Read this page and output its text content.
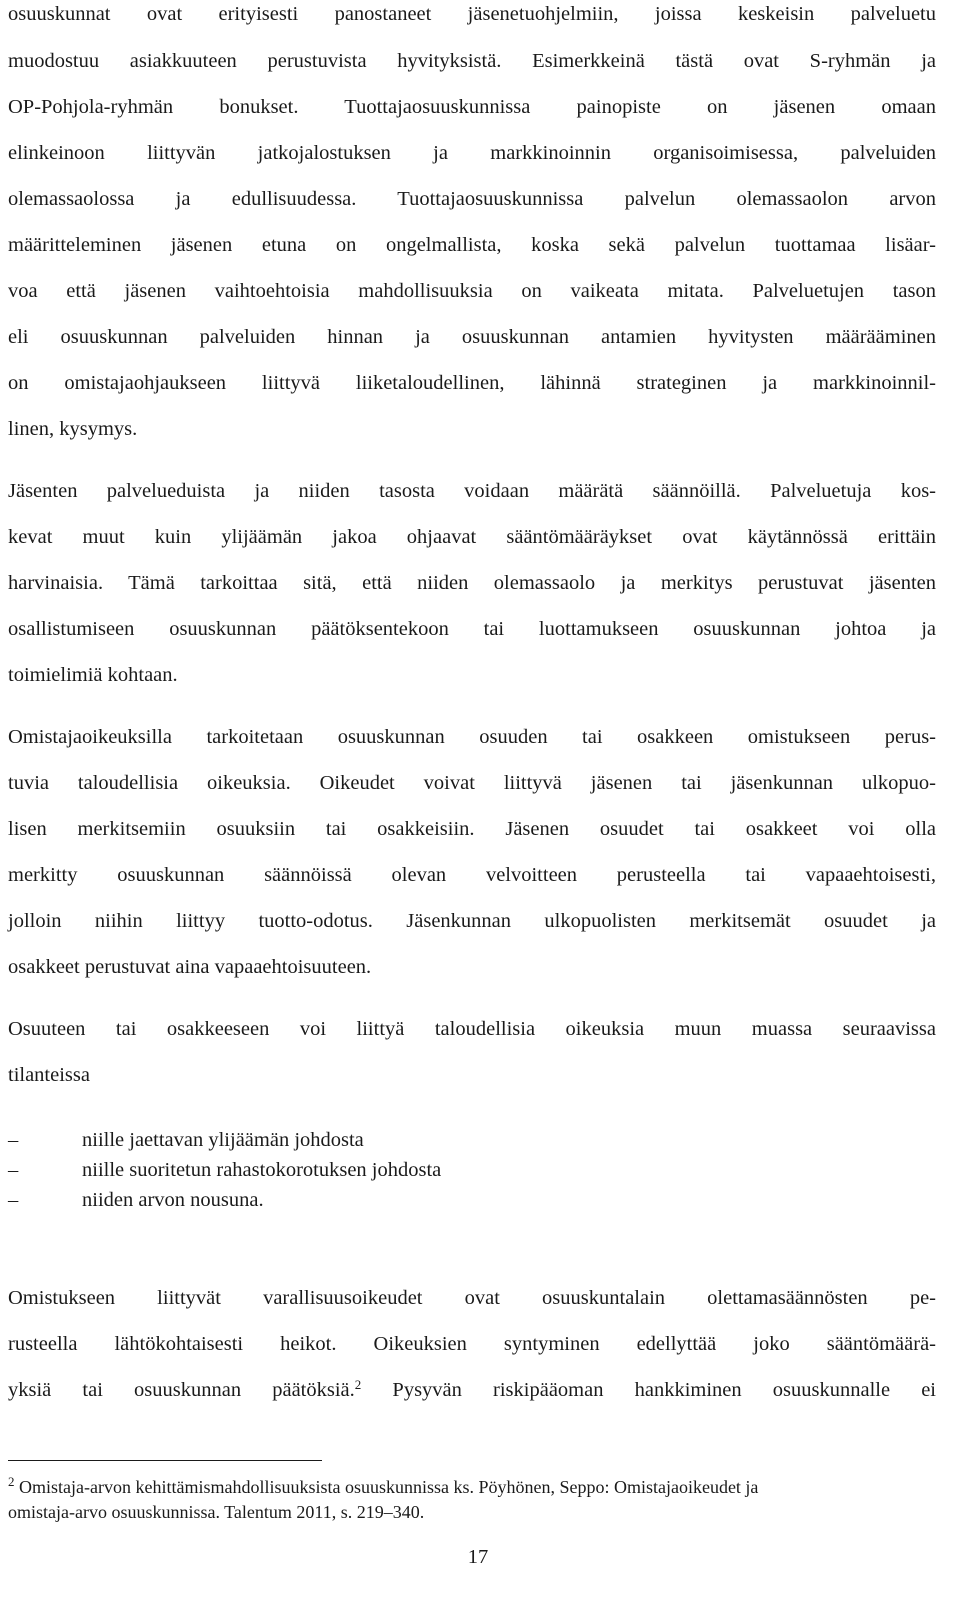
osuuskunnat ovat erityisesti panostaneet jäsenetuohjelmiin, joissa keskeisin palveluetu
muodostuu asiakkuuteen perustuvista hyvityksistä. Esimerkkeinä tästä ovat S-ryhmän ja
OP-Pohjola-ryhmän bonukset. Tuottajaosuuskunnissa painopiste on jäsenen omaan
elinkeinoon liittyvän jatkojalostuksen ja markkinoinnin organisoimisessa, palveluiden
olemassaolossa ja edullisuudessa. Tuottajaosuuskunnissa palvelun olemassaolon arvon
määritteleminen jäsenen etuna on ongelmallista, koska sekä palvelun tuottamaa lisäar-
voa että jäsenen vaihtoehtoisia mahdollisuuksia on vaikeata mitata. Palveluetujen tason
eli osuuskunnan palveluiden hinnan ja osuuskunnan antamien hyvitysten määrääminen
on omistajaohjaukseen liittyvä liiketaloudellinen, lähinnä strateginen ja markkinoinnil-
linen, kysymys.
Jäsenten palvelueduista ja niiden tasosta voidaan määrätä säännöillä. Palveluetuja kos-
kevat muut kuin ylijäämän jakoa ohjaavat sääntömääräykset ovat käytännössä erittäin
harvinaisia. Tämä tarkoittaa sitä, että niiden olemassaolo ja merkitys perustuvat jäsenten
osallistumiseen osuuskunnan päätöksentekoon tai luottamukseen osuuskunnan johtoa ja
toimielimiä kohtaan.
Omistajaoikeuksilla tarkoitetaan osuuskunnan osuuden tai osakkeen omistukseen perus-
tuvia taloudellisia oikeuksia. Oikeudet voivat liittyvä jäsenen tai jäsenkunnan ulkopuo-
lisen merkitsemiin osuuksiin tai osakkeisiin. Jäsenen osuudet tai osakkeet voi olla
merkitty osuuskunnan säännöissä olevan velvoitteen perusteella tai vapaaehtoisesti,
jolloin niihin liittyy tuotto-odotus. Jäsenkunnan ulkopuolisten merkitsemät osuudet ja
osakkeet perustuvat aina vapaaehtoisuuteen.
Osuuteen tai osakkeeseen voi liittyä taloudellisia oikeuksia muun muassa seuraavissa
tilanteissa
–	niille jaettavan ylijäämän johdosta
–	niille suoritetun rahastokorotuksen johdosta
–	niiden arvon nousuna.
Omistukseen liittyvät varallisuusoikeudet ovat osuuskuntalain olettamasäännösten pe-
rusteella lähtökohtaisesti heikot. Oikeuksien syntyminen edellyttää joko sääntömäärä-
yksiä tai osuuskunnan päätöksiä.$^2$ Pysyvän riskipääoman hankkiminen osuuskunnalle ei
$^2$ Omistaja-arvon kehittämismahdollisuuksista osuuskunnissa ks. Pöyhönen, Seppo: Omistajaoikeudet ja
omistaja-arvo osuuskunnissa. Talentum 2011, s. 219–340.
17
